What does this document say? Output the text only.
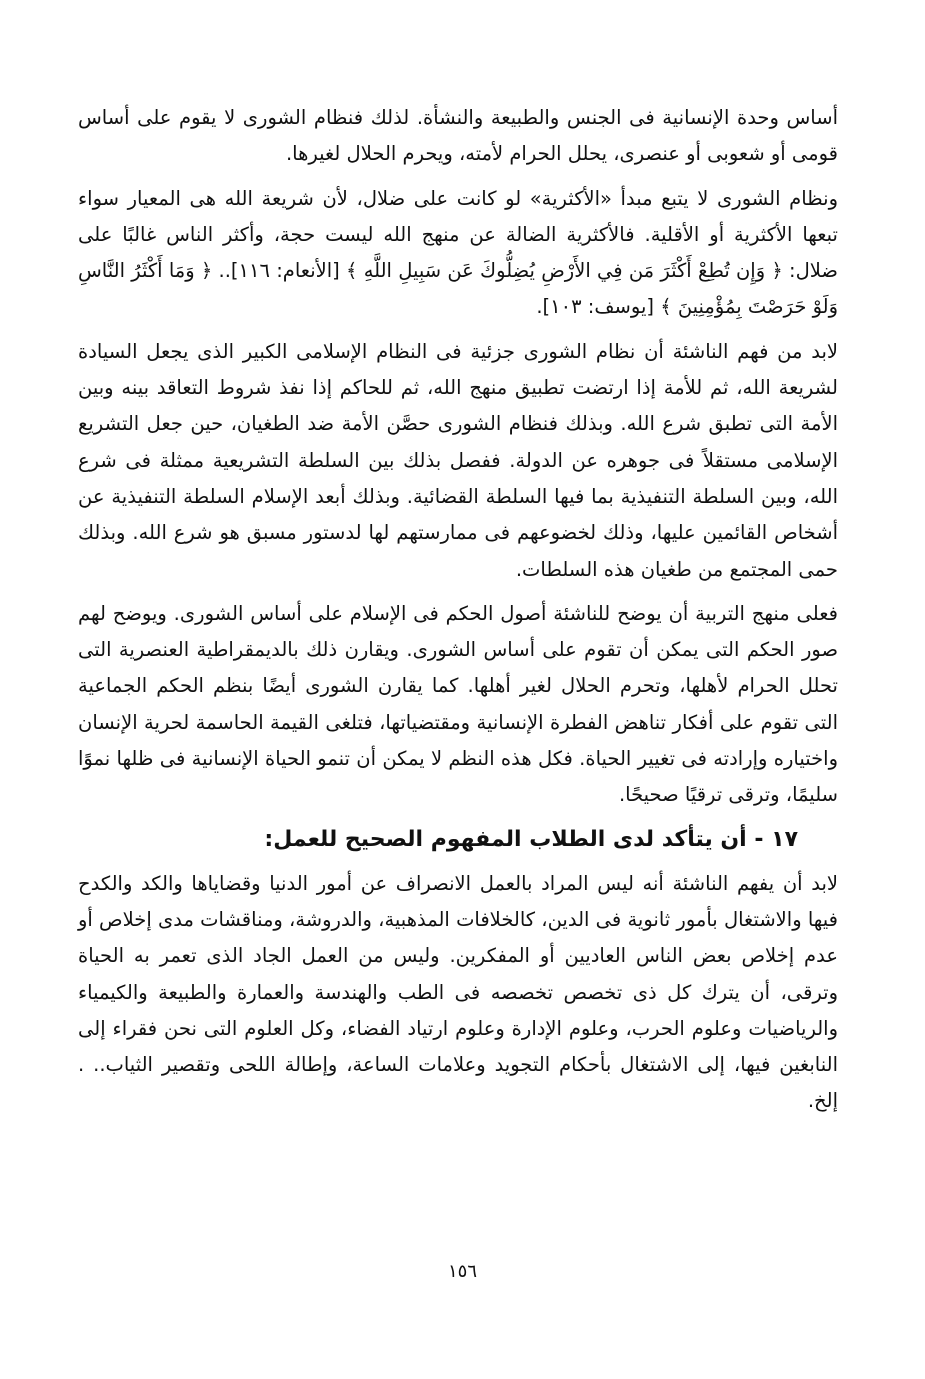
أساس وحدة الإنسانية فى الجنس والطبيعة والنشأة. لذلك فنظام الشورى لا يقوم على أساس قومى أو شعوبى أو عنصرى، يحلل الحرام لأمته، ويحرم الحلال لغيرها.

ونظام الشورى لا يتبع مبدأ «الأكثرية» لو كانت على ضلال، لأن شريعة الله هى المعيار سواء تبعها الأكثرية أو الأقلية. فالأكثرية الضالة عن منهج الله ليست حجة، وأكثر الناس غالبًا على ضلال: ﴿ وَإِن تُطِعْ أَكْثَرَ مَن فِي الأَرْضِ يُضِلُّوكَ عَن سَبِيلِ اللَّهِ ﴾ [الأنعام: ١١٦].. ﴿ وَمَا أَكْثَرُ النَّاسِ وَلَوْ حَرَصْتَ بِمُؤْمِنِينَ ﴾ [يوسف: ١٠٣].

لابد من فهم الناشئة أن نظام الشورى جزئية فى النظام الإسلامى الكبير الذى يجعل السيادة لشريعة الله، ثم للأمة إذا ارتضت تطبيق منهج الله، ثم للحاكم إذا نفذ شروط التعاقد بينه وبين الأمة التى تطبق شرع الله. وبذلك فنظام الشورى حصَّن الأمة ضد الطغيان، حين جعل التشريع الإسلامى مستقلاً فى جوهره عن الدولة. ففصل بذلك بين السلطة التشريعية ممثلة فى شرع الله، وبين السلطة التنفيذية بما فيها السلطة القضائية. وبذلك أبعد الإسلام السلطة التنفيذية عن أشخاص القائمين عليها، وذلك لخضوعهم فى ممارستهم لها لدستور مسبق هو شرع الله. وبذلك حمى المجتمع من طغيان هذه السلطات.

فعلى منهج التربية أن يوضح للناشئة أصول الحكم فى الإسلام على أساس الشورى. ويوضح لهم صور الحكم التى يمكن أن تقوم على أساس الشورى. ويقارن ذلك بالديمقراطية العنصرية التى تحلل الحرام لأهلها، وتحرم الحلال لغير أهلها. كما يقارن الشورى أيضًا بنظم الحكم الجماعية التى تقوم على أفكار تناهض الفطرة الإنسانية ومقتضياتها، فتلغى القيمة الحاسمة لحرية الإنسان واختياره وإرادته فى تغيير الحياة. فكل هذه النظم لا يمكن أن تنمو الحياة الإنسانية فى ظلها نموًا سليمًا، وترقى ترقيًا صحيحًا.

١٧ - أن يتأكد لدى الطلاب المفهوم الصحيح للعمل:

لابد أن يفهم الناشئة أنه ليس المراد بالعمل الانصراف عن أمور الدنيا وقضاياها والكد والكدح فيها والاشتغال بأمور ثانوية فى الدين، كالخلافات المذهبية، والدروشة، ومناقشات مدى إخلاص أو عدم إخلاص بعض الناس العاديين أو المفكرين. وليس من العمل الجاد الذى تعمر به الحياة وترقى، أن يترك كل ذى تخصص تخصصه فى الطب والهندسة والعمارة والطبيعة والكيمياء والرياضيات وعلوم الحرب، وعلوم الإدارة وعلوم ارتياد الفضاء، وكل العلوم التى نحن فقراء إلى النابغين فيها، إلى الاشتغال بأحكام التجويد وعلامات الساعة، وإطالة اللحى وتقصير الثياب.. . إلخ.

١٥٦
